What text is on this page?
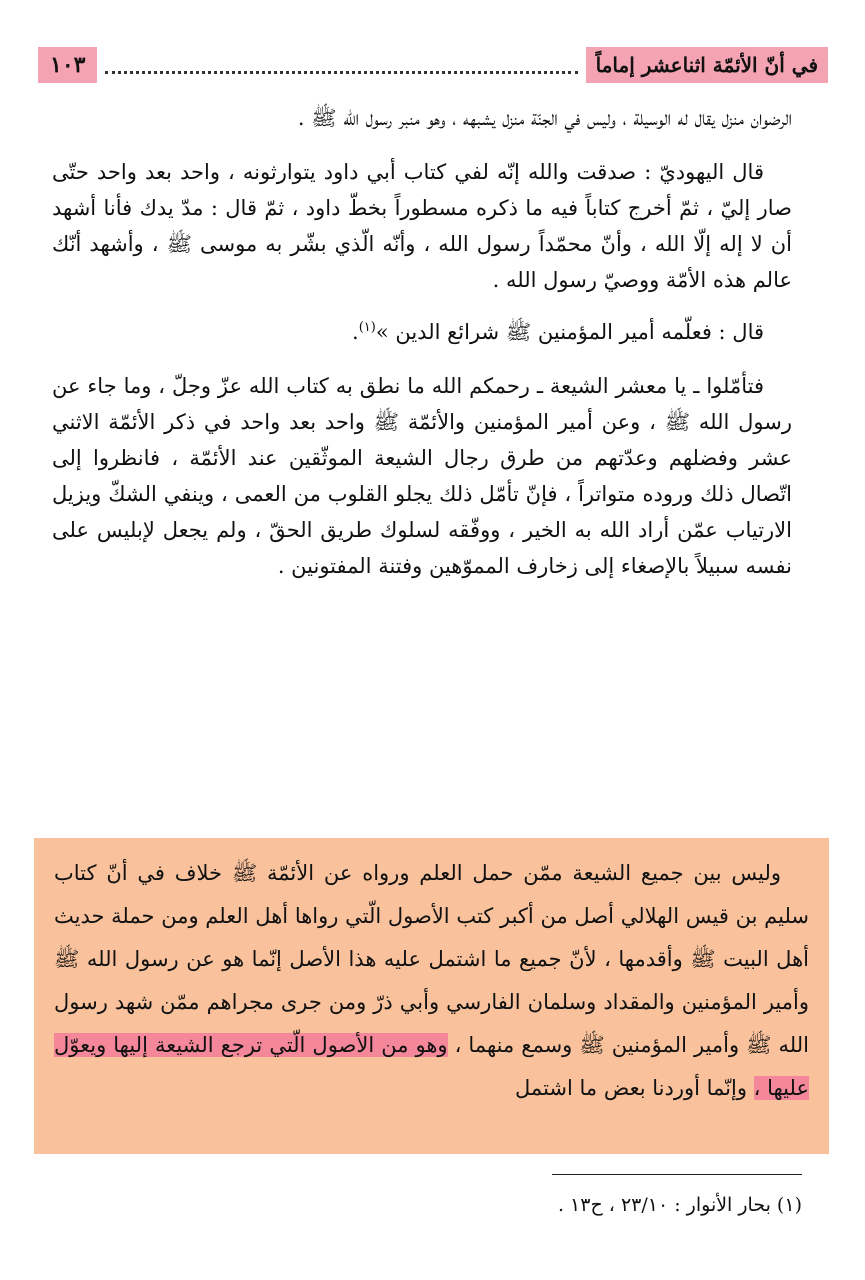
في أنّ الأئمّة اثناعشر إماماً
١٠٣

الرضوان منزل يقال له الوسيلة ، وليس في الجنّة منزل يشبهه ، وهو منبر رسول الله ﷺ .

قال اليهوديّ : صدقت والله إنّه لفي كتاب أبي داود يتوارثونه ، واحد بعد واحد حتّى صار إليّ ، ثمّ أخرج كتاباً فيه ما ذكره مسطوراً بخطّ داود ، ثمّ قال : مدّ يدك فأنا أشهد أن لا إله إلّا الله ، وأنّ محمّداً رسول الله ، وأنّه الّذي بشّر به موسى ﷺ ، وأشهد أنّك عالم هذه الأمّة ووصيّ رسول الله .

قال : فعلّمه أمير المؤمنين ﷺ شرائع الدين »$^{(١)}$.

فتأمّلوا ـ يا معشر الشيعة ـ رحمكم الله ما نطق به كتاب الله عزّ وجلّ ، وما جاء عن رسول الله ﷺ ، وعن أمير المؤمنين والأئمّة ﷺ واحد بعد واحد في ذكر الأئمّة الاثني عشر وفضلهم وعدّتهم من طرق رجال الشيعة الموثّقين عند الأئمّة ، فانظروا إلى اتّصال ذلك وروده متواتراً ، فإنّ تأمّل ذلك يجلو القلوب من العمى ، وينفي الشكّ ويزيل الارتياب عمّن أراد الله به الخير ، ووفّقه لسلوك طريق الحقّ ، ولم يجعل لإبليس على نفسه سبيلاً بالإصغاء إلى زخارف المموّهين وفتنة المفتونين .

وليس بين جميع الشيعة ممّن حمل العلم ورواه عن الأئمّة ﷺ خلاف في أنّ كتاب سليم بن قيس الهلالي أصل من أكبر كتب الأصول الّتي رواها أهل العلم ومن حملة حديث أهل البيت ﷺ وأقدمها ، لأنّ جميع ما اشتمل عليه هذا الأصل إنّما هو عن رسول الله ﷺ وأمير المؤمنين والمقداد وسلمان الفارسي وأبي ذرّ ومن جرى مجراهم ممّن شهد رسول الله ﷺ وأمير المؤمنين ﷺ وسمع منهما ، وهو من الأصول الّتي ترجع الشيعة إليها ويعوّل عليها ، وإنّما أوردنا بعض ما اشتمل

(١) بحار الأنوار : ٢٣/١٠ ، ح١٣ .
